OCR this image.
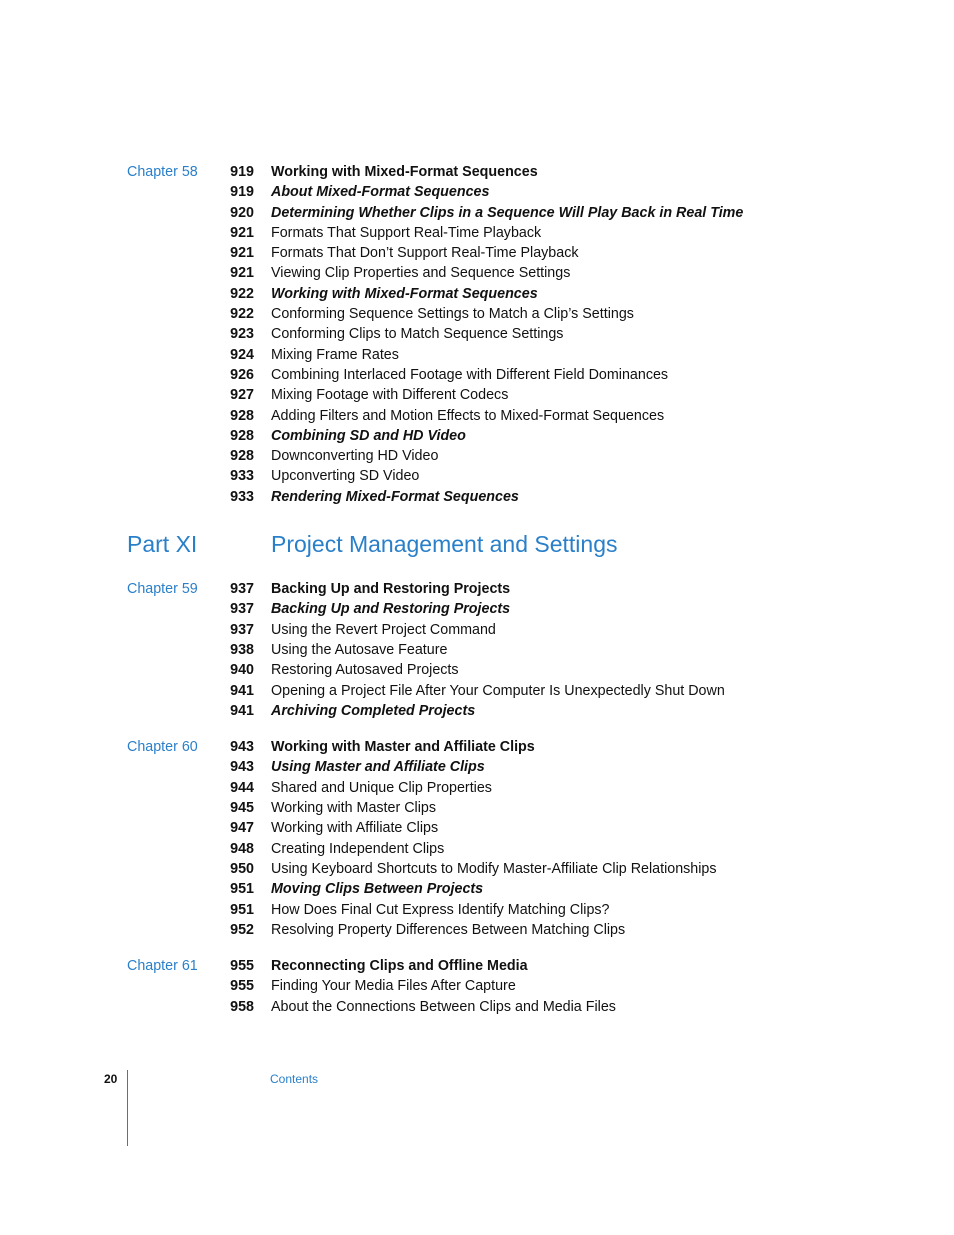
Chapter 58	919 Working with Mixed-Format Sequences
919 About Mixed-Format Sequences
920 Determining Whether Clips in a Sequence Will Play Back in Real Time
921 Formats That Support Real-Time Playback
921 Formats That Don’t Support Real-Time Playback
921 Viewing Clip Properties and Sequence Settings
922 Working with Mixed-Format Sequences
922 Conforming Sequence Settings to Match a Clip’s Settings
923 Conforming Clips to Match Sequence Settings
924 Mixing Frame Rates
926 Combining Interlaced Footage with Different Field Dominances
927 Mixing Footage with Different Codecs
928 Adding Filters and Motion Effects to Mixed-Format Sequences
928 Combining SD and HD Video
928 Downconverting HD Video
933 Upconverting SD Video
933 Rendering Mixed-Format Sequences
Part XI	Project Management and Settings
Chapter 59	937 Backing Up and Restoring Projects
937 Backing Up and Restoring Projects
937 Using the Revert Project Command
938 Using the Autosave Feature
940 Restoring Autosaved Projects
941 Opening a Project File After Your Computer Is Unexpectedly Shut Down
941 Archiving Completed Projects
Chapter 60	943 Working with Master and Affiliate Clips
943 Using Master and Affiliate Clips
944 Shared and Unique Clip Properties
945 Working with Master Clips
947 Working with Affiliate Clips
948 Creating Independent Clips
950 Using Keyboard Shortcuts to Modify Master-Affiliate Clip Relationships
951 Moving Clips Between Projects
951 How Does Final Cut Express Identify Matching Clips?
952 Resolving Property Differences Between Matching Clips
Chapter 61	955 Reconnecting Clips and Offline Media
955 Finding Your Media Files After Capture
958 About the Connections Between Clips and Media Files
20	Contents
